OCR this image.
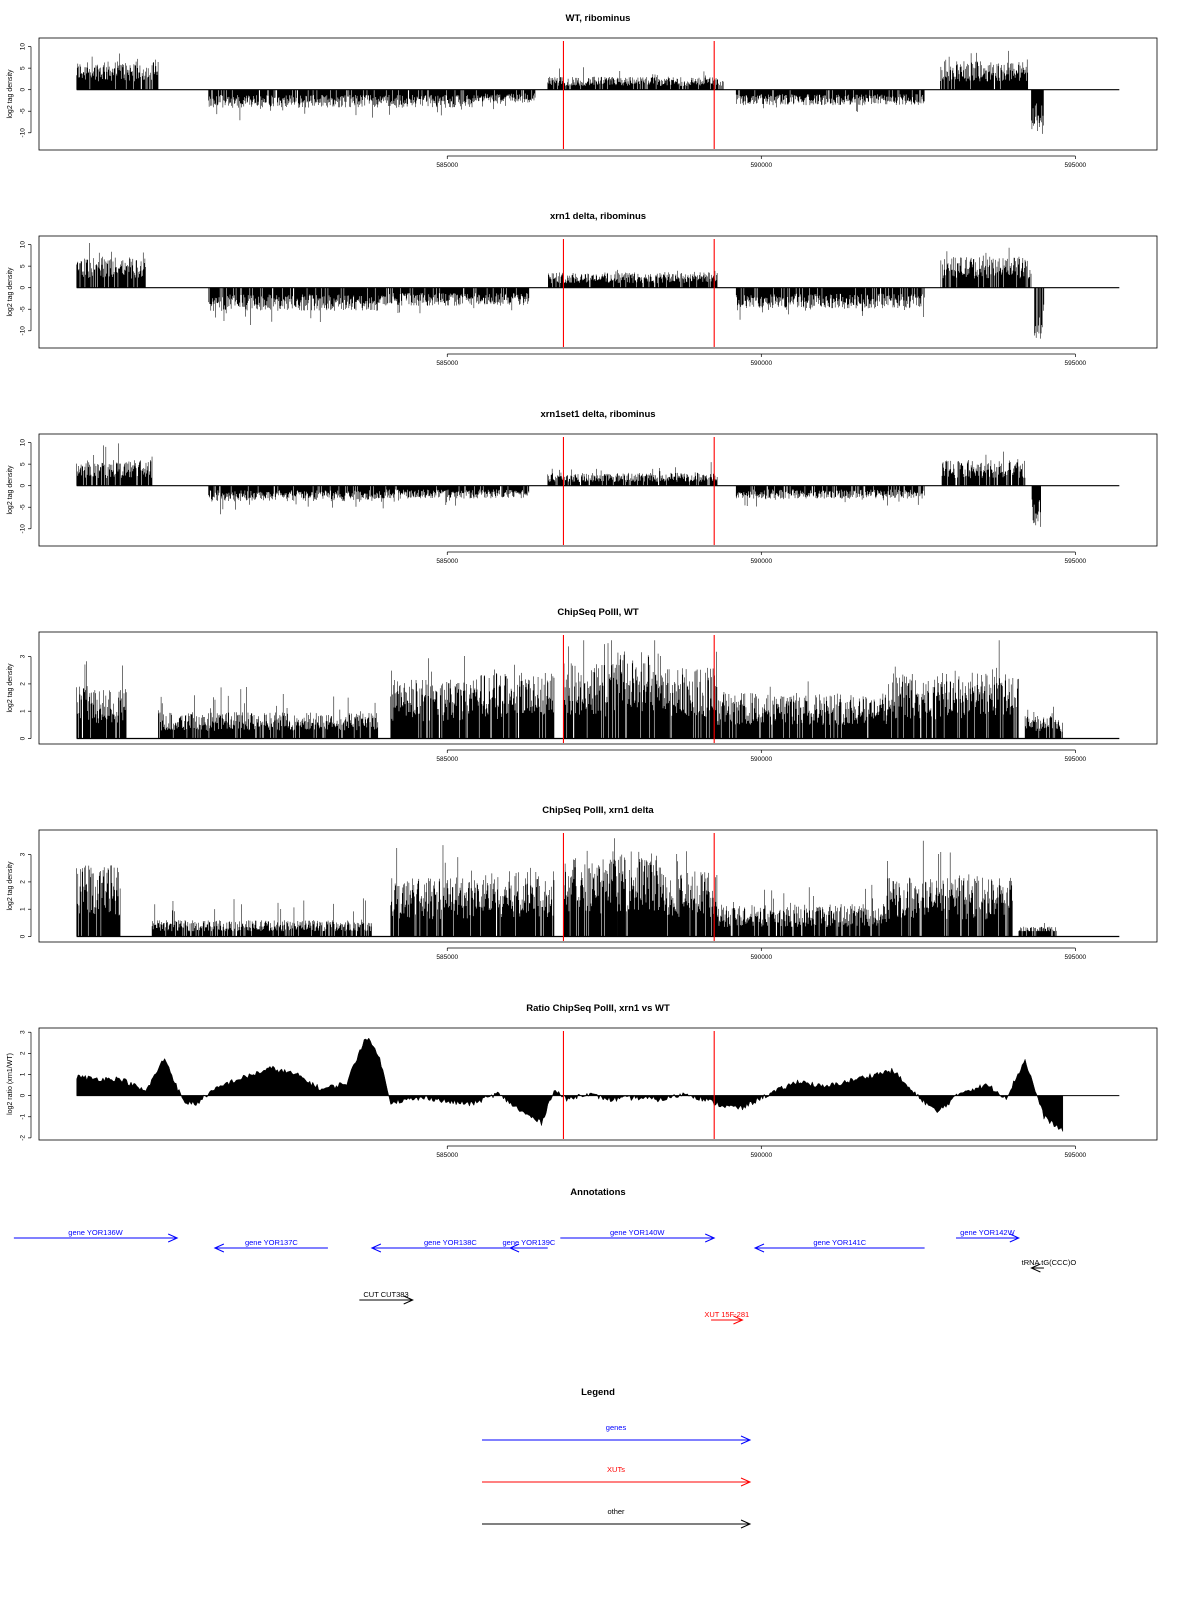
WT, ribominus
-10
-5
0
5
10
log2 tag density
585000	590000	595000
xrn1 delta, ribominus
-10
-5
0
5
10
log2 tag density
585000	590000	595000
xrn1set1 delta, ribominus
-10
-5
0
5
10
log2 tag density
585000	590000	595000
ChipSeq PolII, WT
0
1
2
3
log2 tag density
585000	590000	595000
ChipSeq PolII, xrn1 delta
0
1
2
3
log2 tag density
585000	590000	595000
Ratio ChipSeq PolII, xrn1 vs WT
-2
-1
0
1
2
3
log2 ratio (xrn1/WT)
585000	590000	595000
Annotations
gene YOR136W
gene YOR137C	gene YOR138C	gene YOR139C
gene YOR140W
gene YOR141C
gene YOR142W
tRNA tG(CCC)O
CUT CUT383
XUT 15F-281
Legend
genes
XUTs
other
